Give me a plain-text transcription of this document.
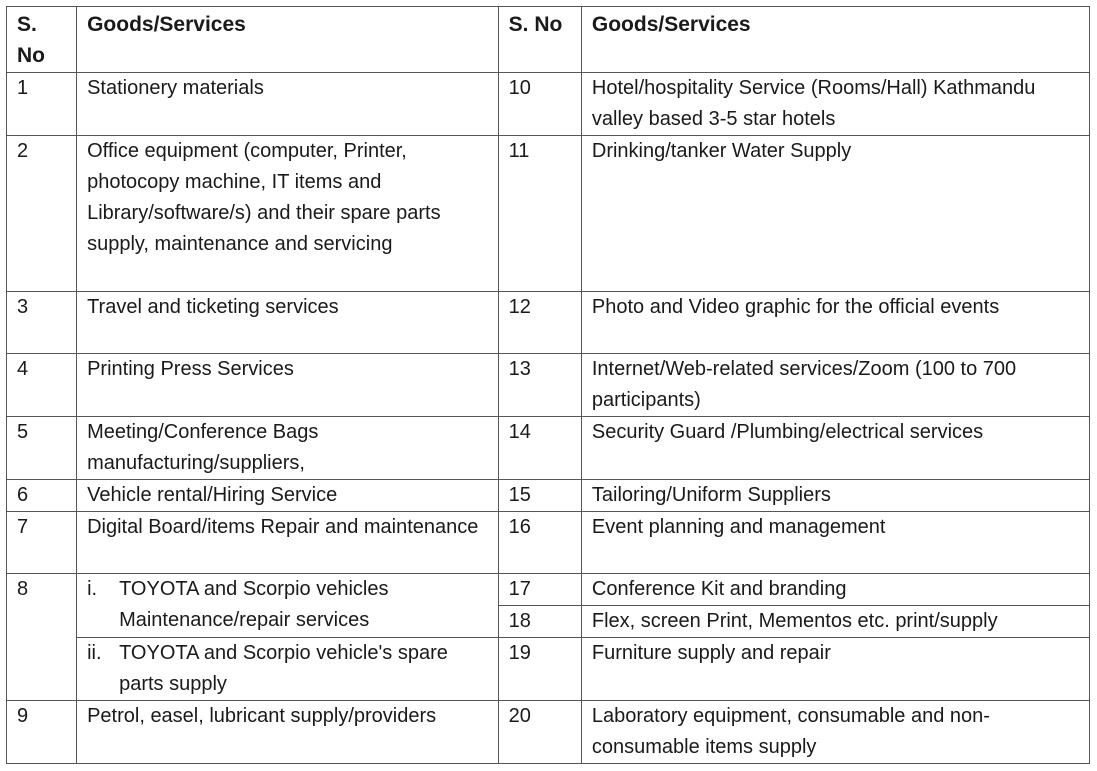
S. No	Goods/Services	S. No	Goods/Services
1	Stationery materials	10	Hotel/hospitality Service (Rooms/Hall) Kathmandu valley based 3-5 star hotels
2	Office equipment (computer, Printer, photocopy machine, IT items and Library/software/s) and their spare parts supply, maintenance and servicing	11	Drinking/tanker Water Supply
3	Travel and ticketing services	12	Photo and Video graphic for the official events
4	Printing Press Services	13	Internet/Web-related services/Zoom (100 to 700 participants)
5	Meeting/Conference Bags manufacturing/suppliers,	14	Security Guard /Plumbing/electrical services
6	Vehicle rental/Hiring Service	15	Tailoring/Uniform Suppliers
7	Digital Board/items Repair and maintenance	16	Event planning and management
8	i. TOYOTA and Scorpio vehicles Maintenance/repair services	17	Conference Kit and branding
		18	Flex, screen Print, Mementos etc. print/supply

	ii. TOYOTA and Scorpio vehicle's spare parts supply	19	Furniture supply and repair
9	Petrol, easel, lubricant supply/providers	20	Laboratory equipment, consumable and non-consumable items supply
